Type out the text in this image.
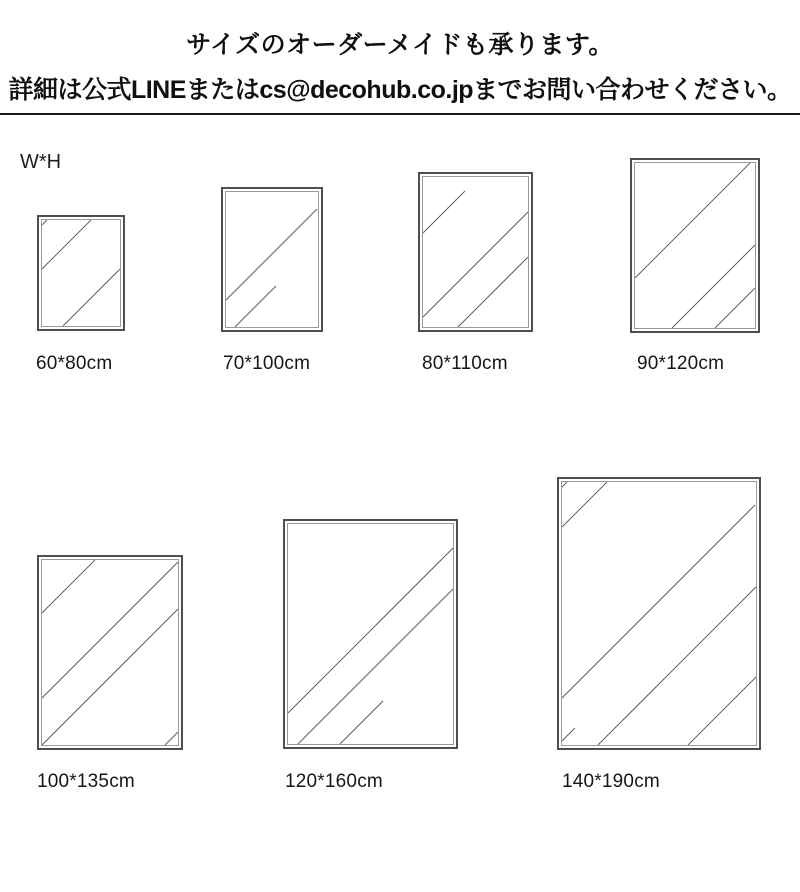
サイズのオーダーメイドも承ります。
詳細は公式LINEまたはcs@decohub.co.jpまでお問い合わせください。
W*H
60*80cm	70*100cm	80*110cm	90*120cm
100*135cm	120*160cm	140*190cm
